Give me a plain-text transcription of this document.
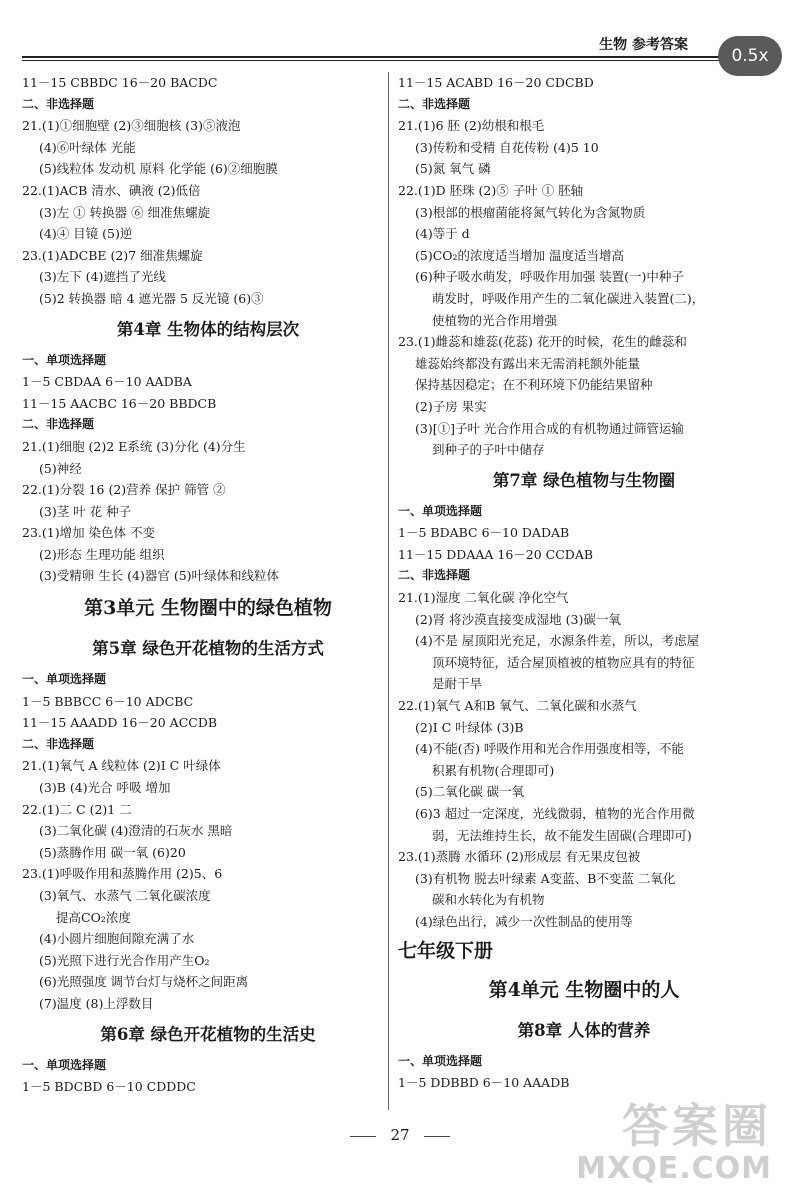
生物 参考答案
0.5x
11－15 CBBDC 16－20 BACDC
二、非选择题
21.(1)①细胞壁 (2)③细胞核 (3)⑤液泡
(4)⑥叶绿体 光能
(5)线粒体 发动机 原料 化学能 (6)②细胞膜
22.(1)ACB 清水、碘液 (2)低倍
(3)左 ① 转换器 ⑥ 细准焦螺旋
(4)④ 目镜 (5)逆
23.(1)ADCBE (2)7 细准焦螺旋
(3)左下 (4)遮挡了光线
(5)2 转换器 暗 4 遮光器 5 反光镜 (6)③
第4章 生物体的结构层次
一、单项选择题
1－5 CBDAA 6－10 AADBA
11－15 AACBC 16－20 BBDCB
二、非选择题
21.(1)细胞 (2)2 E系统 (3)分化 (4)分生
(5)神经
22.(1)分裂 16 (2)营养 保护 筛管 ②
(3)茎 叶 花 种子
23.(1)增加 染色体 不变
(2)形态 生理功能 组织
(3)受精卵 生长 (4)器官 (5)叶绿体和线粒体
第3单元 生物圈中的绿色植物
第5章 绿色开花植物的生活方式
一、单项选择题
1－5 BBBCC 6－10 ADCBC
11－15 AAADD 16－20 ACCDB
二、非选择题
21.(1)氧气 A 线粒体 (2)Ⅰ C 叶绿体
(3)B (4)光合 呼吸 增加
22.(1)二 C (2)1 二
(3)二氧化碳 (4)澄清的石灰水 黑暗
(5)蒸腾作用 碳一氧 (6)20
23.(1)呼吸作用和蒸腾作用 (2)5、6
(3)氧气、水蒸气 二氧化碳浓度
提高CO₂浓度
(4)小圆片细胞间隙充满了水
(5)光照下进行光合作用产生O₂
(6)光照强度 调节台灯与烧杯之间距离
(7)温度 (8)上浮数目
第6章 绿色开花植物的生活史
一、单项选择题
1－5 BDCBD 6－10 CDDDC
11－15 ACABD 16－20 CDCBD
二、非选择题
21.(1)6 胚 (2)幼根和根毛
(3)传粉和受精 自花传粉 (4)5 10
(5)氮 氧气 磷
22.(1)D 胚珠 (2)⑤ 子叶 ① 胚轴
(3)根部的根瘤菌能将氮气转化为含氮物质
(4)等于 d
(5)CO₂的浓度适当增加 温度适当增高
(6)种子吸水萌发，呼吸作用加强 装置(一)中种子
萌发时，呼吸作用产生的二氧化碳进入装置(二)，
使植物的光合作用增强
23.(1)雌蕊和雄蕊(花蕊) 花开的时候，花生的雌蕊和
雄蕊始终都没有露出来无需消耗额外能量
保持基因稳定；在不利环境下仍能结果留种
(2)子房 果实
(3)[①]子叶 光合作用合成的有机物通过筛管运输
到种子的子叶中储存
第7章 绿色植物与生物圈
一、单项选择题
1－5 BDABC 6－10 DADAB
11－15 DDAAA 16－20 CCDAB
二、非选择题
21.(1)湿度 二氧化碳 净化空气
(2)肾 将沙漠直接变成湿地 (3)碳一氧
(4)不是 屋顶阳光充足，水源条件差，所以，考虑屋
顶环境特征，适合屋顶植被的植物应具有的特征
是耐干旱
22.(1)氧气 A和B 氧气、二氧化碳和水蒸气
(2)Ⅰ C 叶绿体 (3)B
(4)不能(否) 呼吸作用和光合作用强度相等，不能
积累有机物(合理即可)
(5)二氧化碳 碳一氧
(6)3 超过一定深度，光线微弱，植物的光合作用微
弱，无法维持生长，故不能发生固碳(合理即可)
23.(1)蒸腾 水循环 (2)形成层 有无果皮包被
(3)有机物 脱去叶绿素 A变蓝、B不变蓝 二氧化
碳和水转化为有机物
(4)绿色出行，减少一次性制品的使用等
七年级下册
第4单元 生物圈中的人
第8章 人体的营养
一、单项选择题
1－5 DDBBD 6－10 AAADB
27	答案圈
MXQE.COM
